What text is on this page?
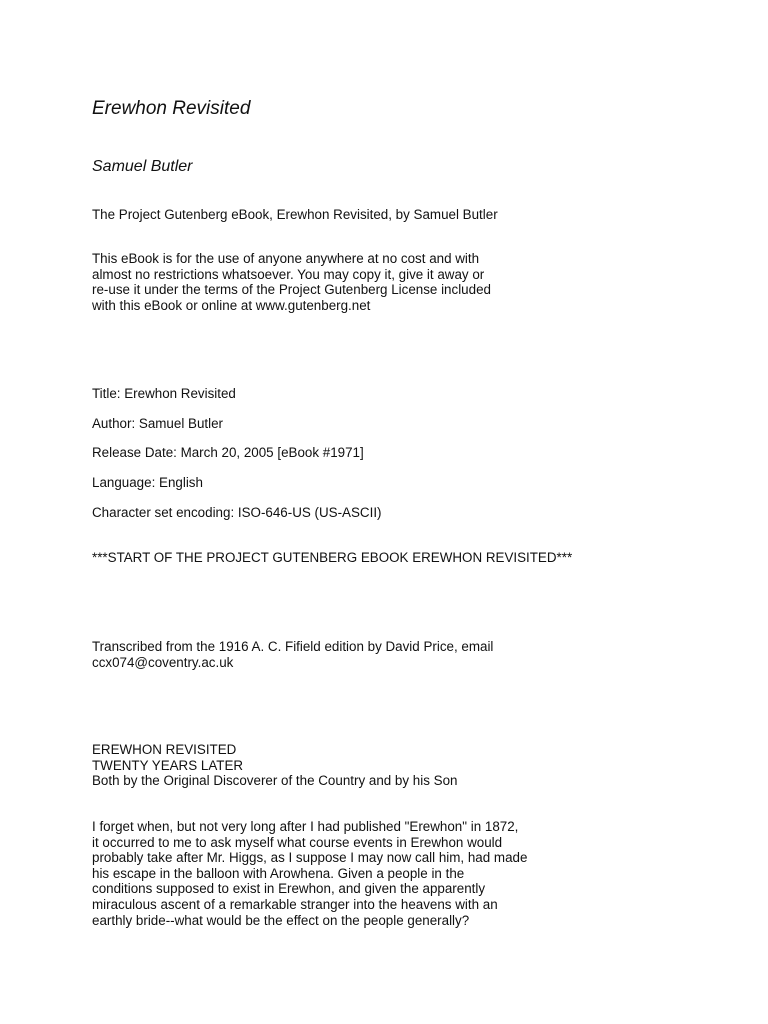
Erewhon Revisited
Samuel Butler

The Project Gutenberg eBook, Erewhon Revisited, by Samuel Butler

This eBook is for the use of anyone anywhere at no cost and with
almost no restrictions whatsoever. You may copy it, give it away or
re-use it under the terms of the Project Gutenberg License included
with this eBook or online at www.gutenberg.net

Title: Erewhon Revisited

Author: Samuel Butler

Release Date: March 20, 2005 [eBook #1971]

Language: English

Character set encoding: ISO-646-US (US-ASCII)

***START OF THE PROJECT GUTENBERG EBOOK EREWHON REVISITED***

Transcribed from the 1916 A. C. Fifield edition by David Price, email
ccx074@coventry.ac.uk

EREWHON REVISITED
TWENTY YEARS LATER
Both by the Original Discoverer of the Country and by his Son

I forget when, but not very long after I had published "Erewhon" in 1872,
it occurred to me to ask myself what course events in Erewhon would
probably take after Mr. Higgs, as I suppose I may now call him, had made
his escape in the balloon with Arowhena. Given a people in the
conditions supposed to exist in Erewhon, and given the apparently
miraculous ascent of a remarkable stranger into the heavens with an
earthly bride--what would be the effect on the people generally?
